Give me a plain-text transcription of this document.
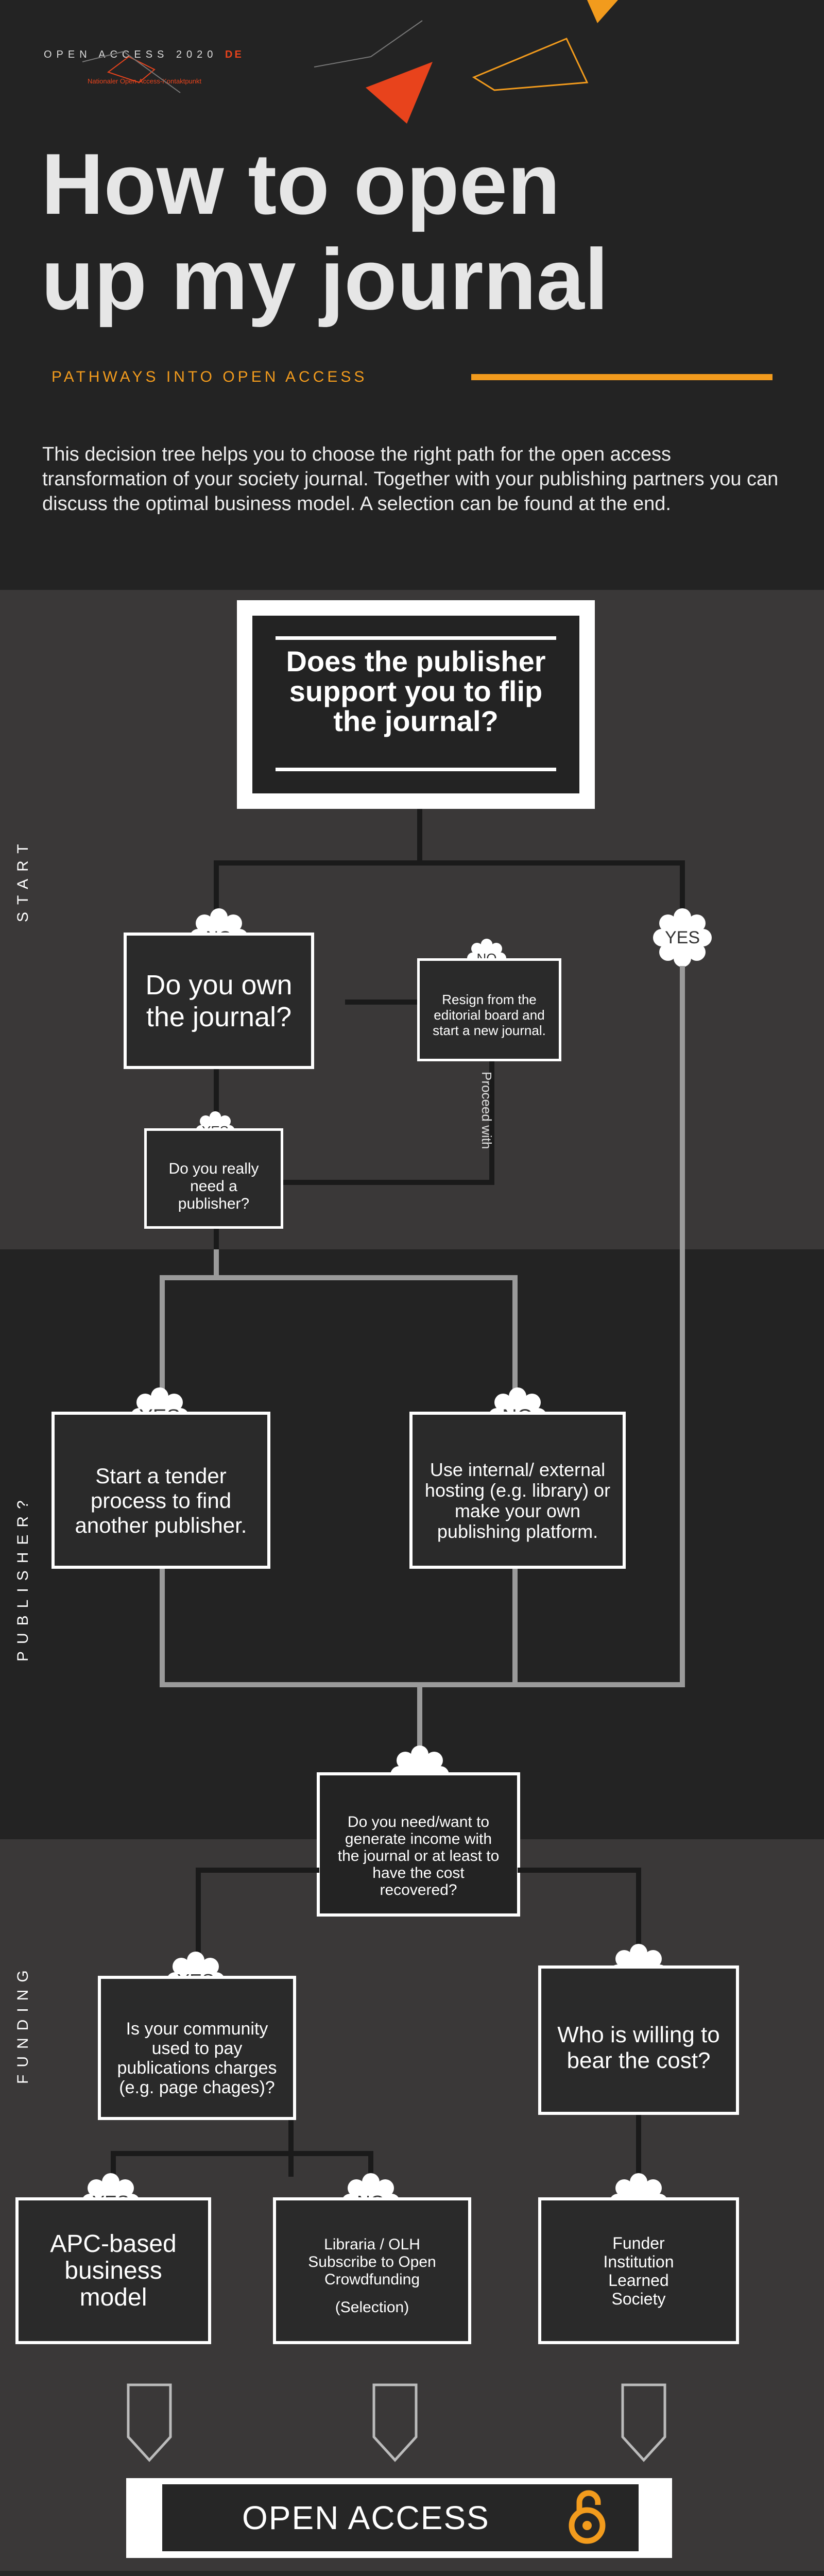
OPEN ACCESS 2020 DE
Nationaler Open-Access-Kontaktpunkt
How to open
up my journal
PATHWAYS INTO OPEN ACCESS
This decision tree helps you to choose the right path for the open access transformation of your society journal. Together with your publishing partners you can discuss the optimal business model. A selection can be found at the end.
START
Does the publisher support you to flip the journal?
YES
Do you own the journal?
Resign from the editorial board and start a new journal.
Proceed with
Do you really need a publisher?
PUBLISHER?
Start a tender process to find another publisher.
Use internal/ external hosting (e.g. library) or make your own publishing platform.
FUNDING
Do you need/want to generate income with the journal or at least to have the cost recovered?
Is your community used to pay publications charges (e.g. page chages)?
Who is willing to bear the cost?
APC-based business model
Libraria / OLH Subscribe to Open Crowdfunding
(Selection)
Funder Institution Learned Society
OPEN ACCESS
